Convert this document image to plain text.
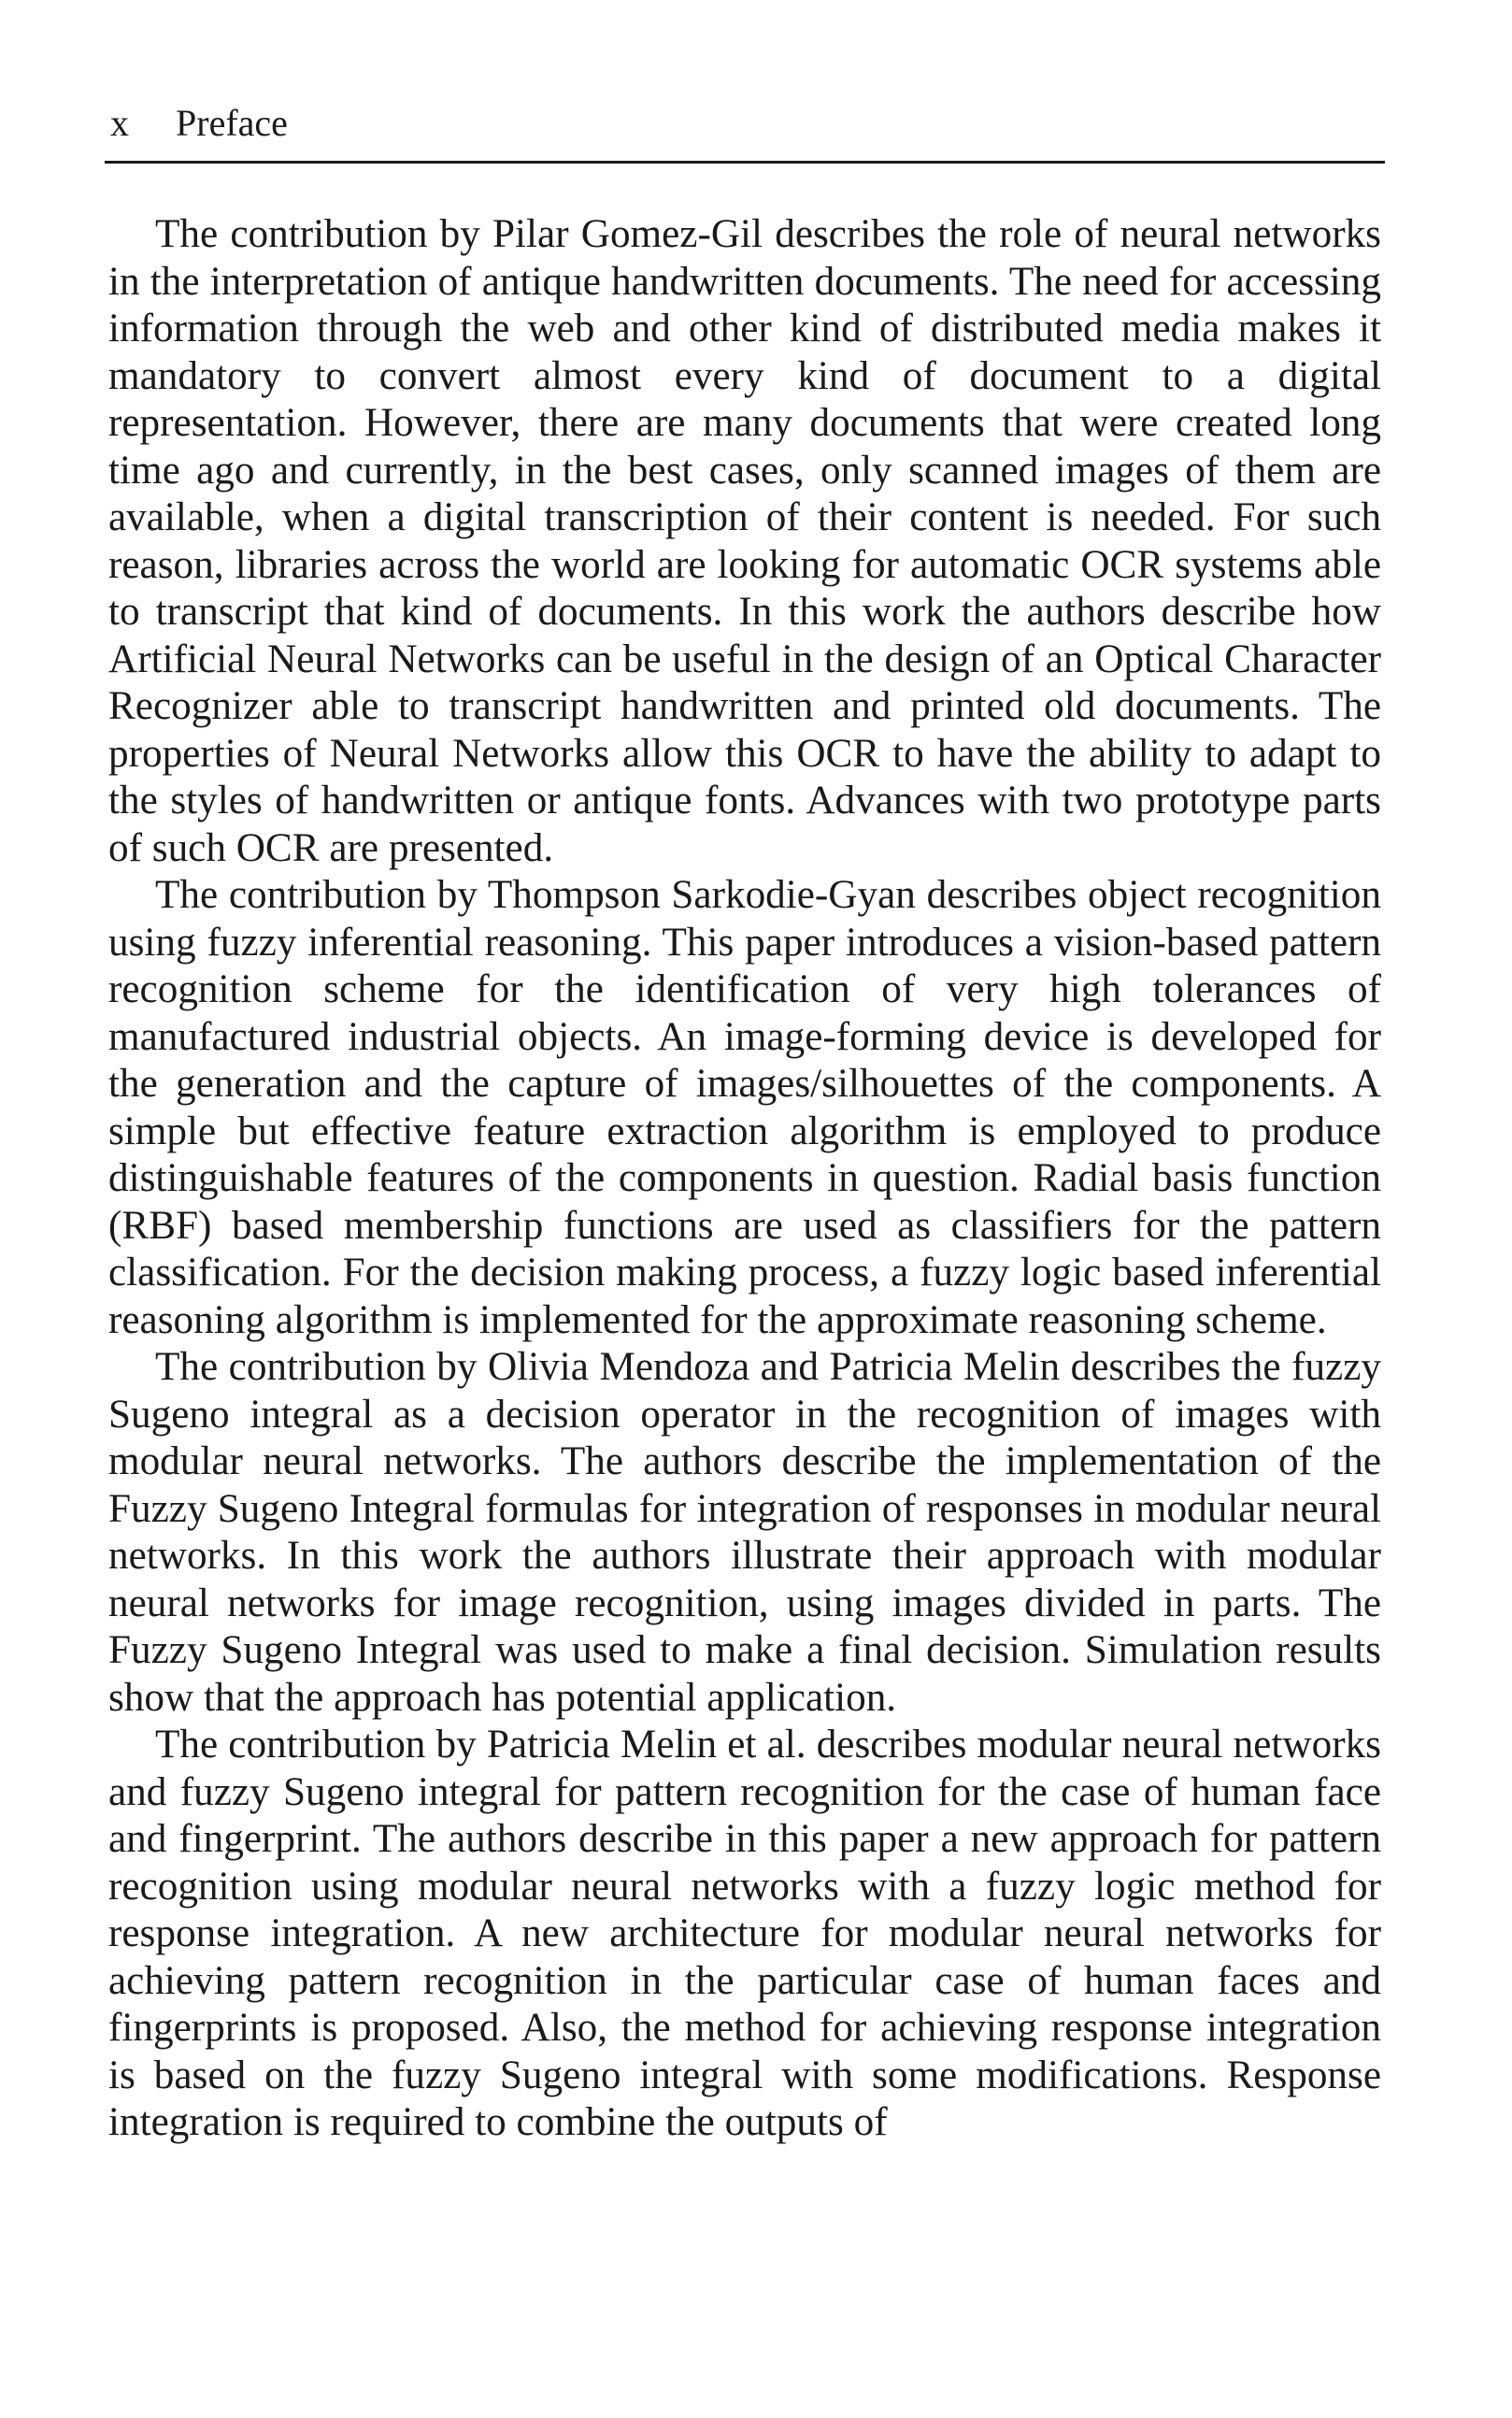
x Preface

The contribution by Pilar Gomez-Gil describes the role of neural networks in the interpretation of antique handwritten documents. The need for accessing information through the web and other kind of distributed media makes it mandatory to convert almost every kind of document to a digital representation. However, there are many documents that were created long time ago and currently, in the best cases, only scanned images of them are available, when a digital transcription of their content is needed. For such reason, libraries across the world are looking for automatic OCR systems able to transcript that kind of documents. In this work the authors describe how Artificial Neural Networks can be useful in the design of an Optical Character Recognizer able to transcript handwritten and printed old documents. The properties of Neural Networks allow this OCR to have the ability to adapt to the styles of handwritten or antique fonts. Advances with two prototype parts of such OCR are presented.

The contribution by Thompson Sarkodie-Gyan describes object recognition using fuzzy inferential reasoning. This paper introduces a vision-based pattern recognition scheme for the identification of very high tolerances of manufactured industrial objects. An image-forming device is developed for the generation and the capture of images/silhouettes of the components. A simple but effective feature extraction algorithm is employed to produce distinguishable features of the components in question. Radial basis function (RBF) based membership functions are used as classifiers for the pattern classification. For the decision making process, a fuzzy logic based inferential reasoning algorithm is implemented for the approximate reasoning scheme.

The contribution by Olivia Mendoza and Patricia Melin describes the fuzzy Sugeno integral as a decision operator in the recognition of images with modular neural networks. The authors describe the implementation of the Fuzzy Sugeno Integral formulas for integration of responses in modular neural networks. In this work the authors illustrate their approach with modular neural networks for image recognition, using images divided in parts. The Fuzzy Sugeno Integral was used to make a final decision. Simulation results show that the approach has potential application.

The contribution by Patricia Melin et al. describes modular neural networks and fuzzy Sugeno integral for pattern recognition for the case of human face and fingerprint. The authors describe in this paper a new approach for pattern recognition using modular neural networks with a fuzzy logic method for response integration. A new architecture for modular neural networks for achieving pattern recognition in the particular case of human faces and fingerprints is proposed. Also, the method for achieving response integration is based on the fuzzy Sugeno integral with some modifications. Response integration is required to combine the outputs of
